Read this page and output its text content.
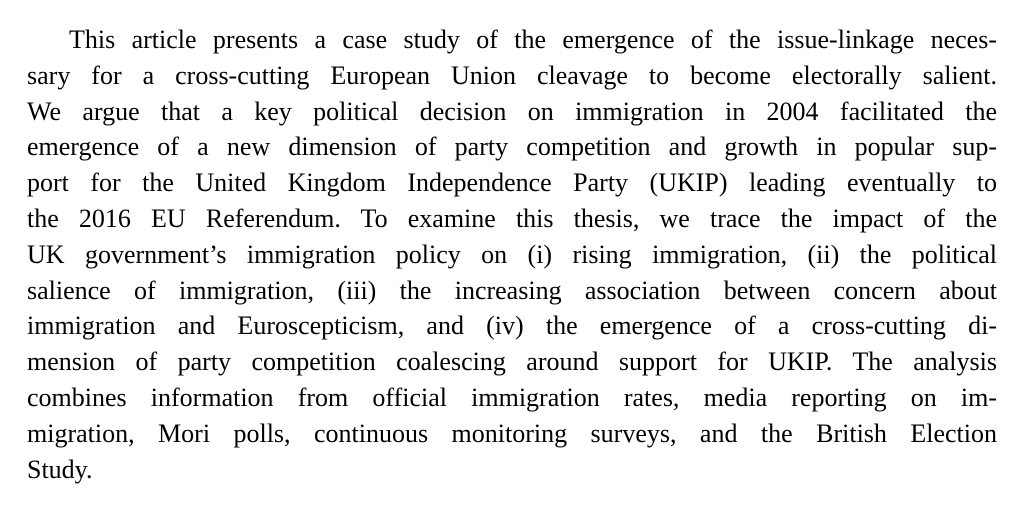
This article presents a case study of the emergence of the issue-linkage neces-
sary for a cross-cutting European Union cleavage to become electorally salient.
We argue that a key political decision on immigration in 2004 facilitated the
emergence of a new dimension of party competition and growth in popular sup-
port for the United Kingdom Independence Party (UKIP) leading eventually to
the 2016 EU Referendum. To examine this thesis, we trace the impact of the
UK government’s immigration policy on (i) rising immigration, (ii) the political
salience of immigration, (iii) the increasing association between concern about
immigration and Euroscepticism, and (iv) the emergence of a cross-cutting di-
mension of party competition coalescing around support for UKIP. The analysis
combines information from official immigration rates, media reporting on im-
migration, Mori polls, continuous monitoring surveys, and the British Election
Study.
